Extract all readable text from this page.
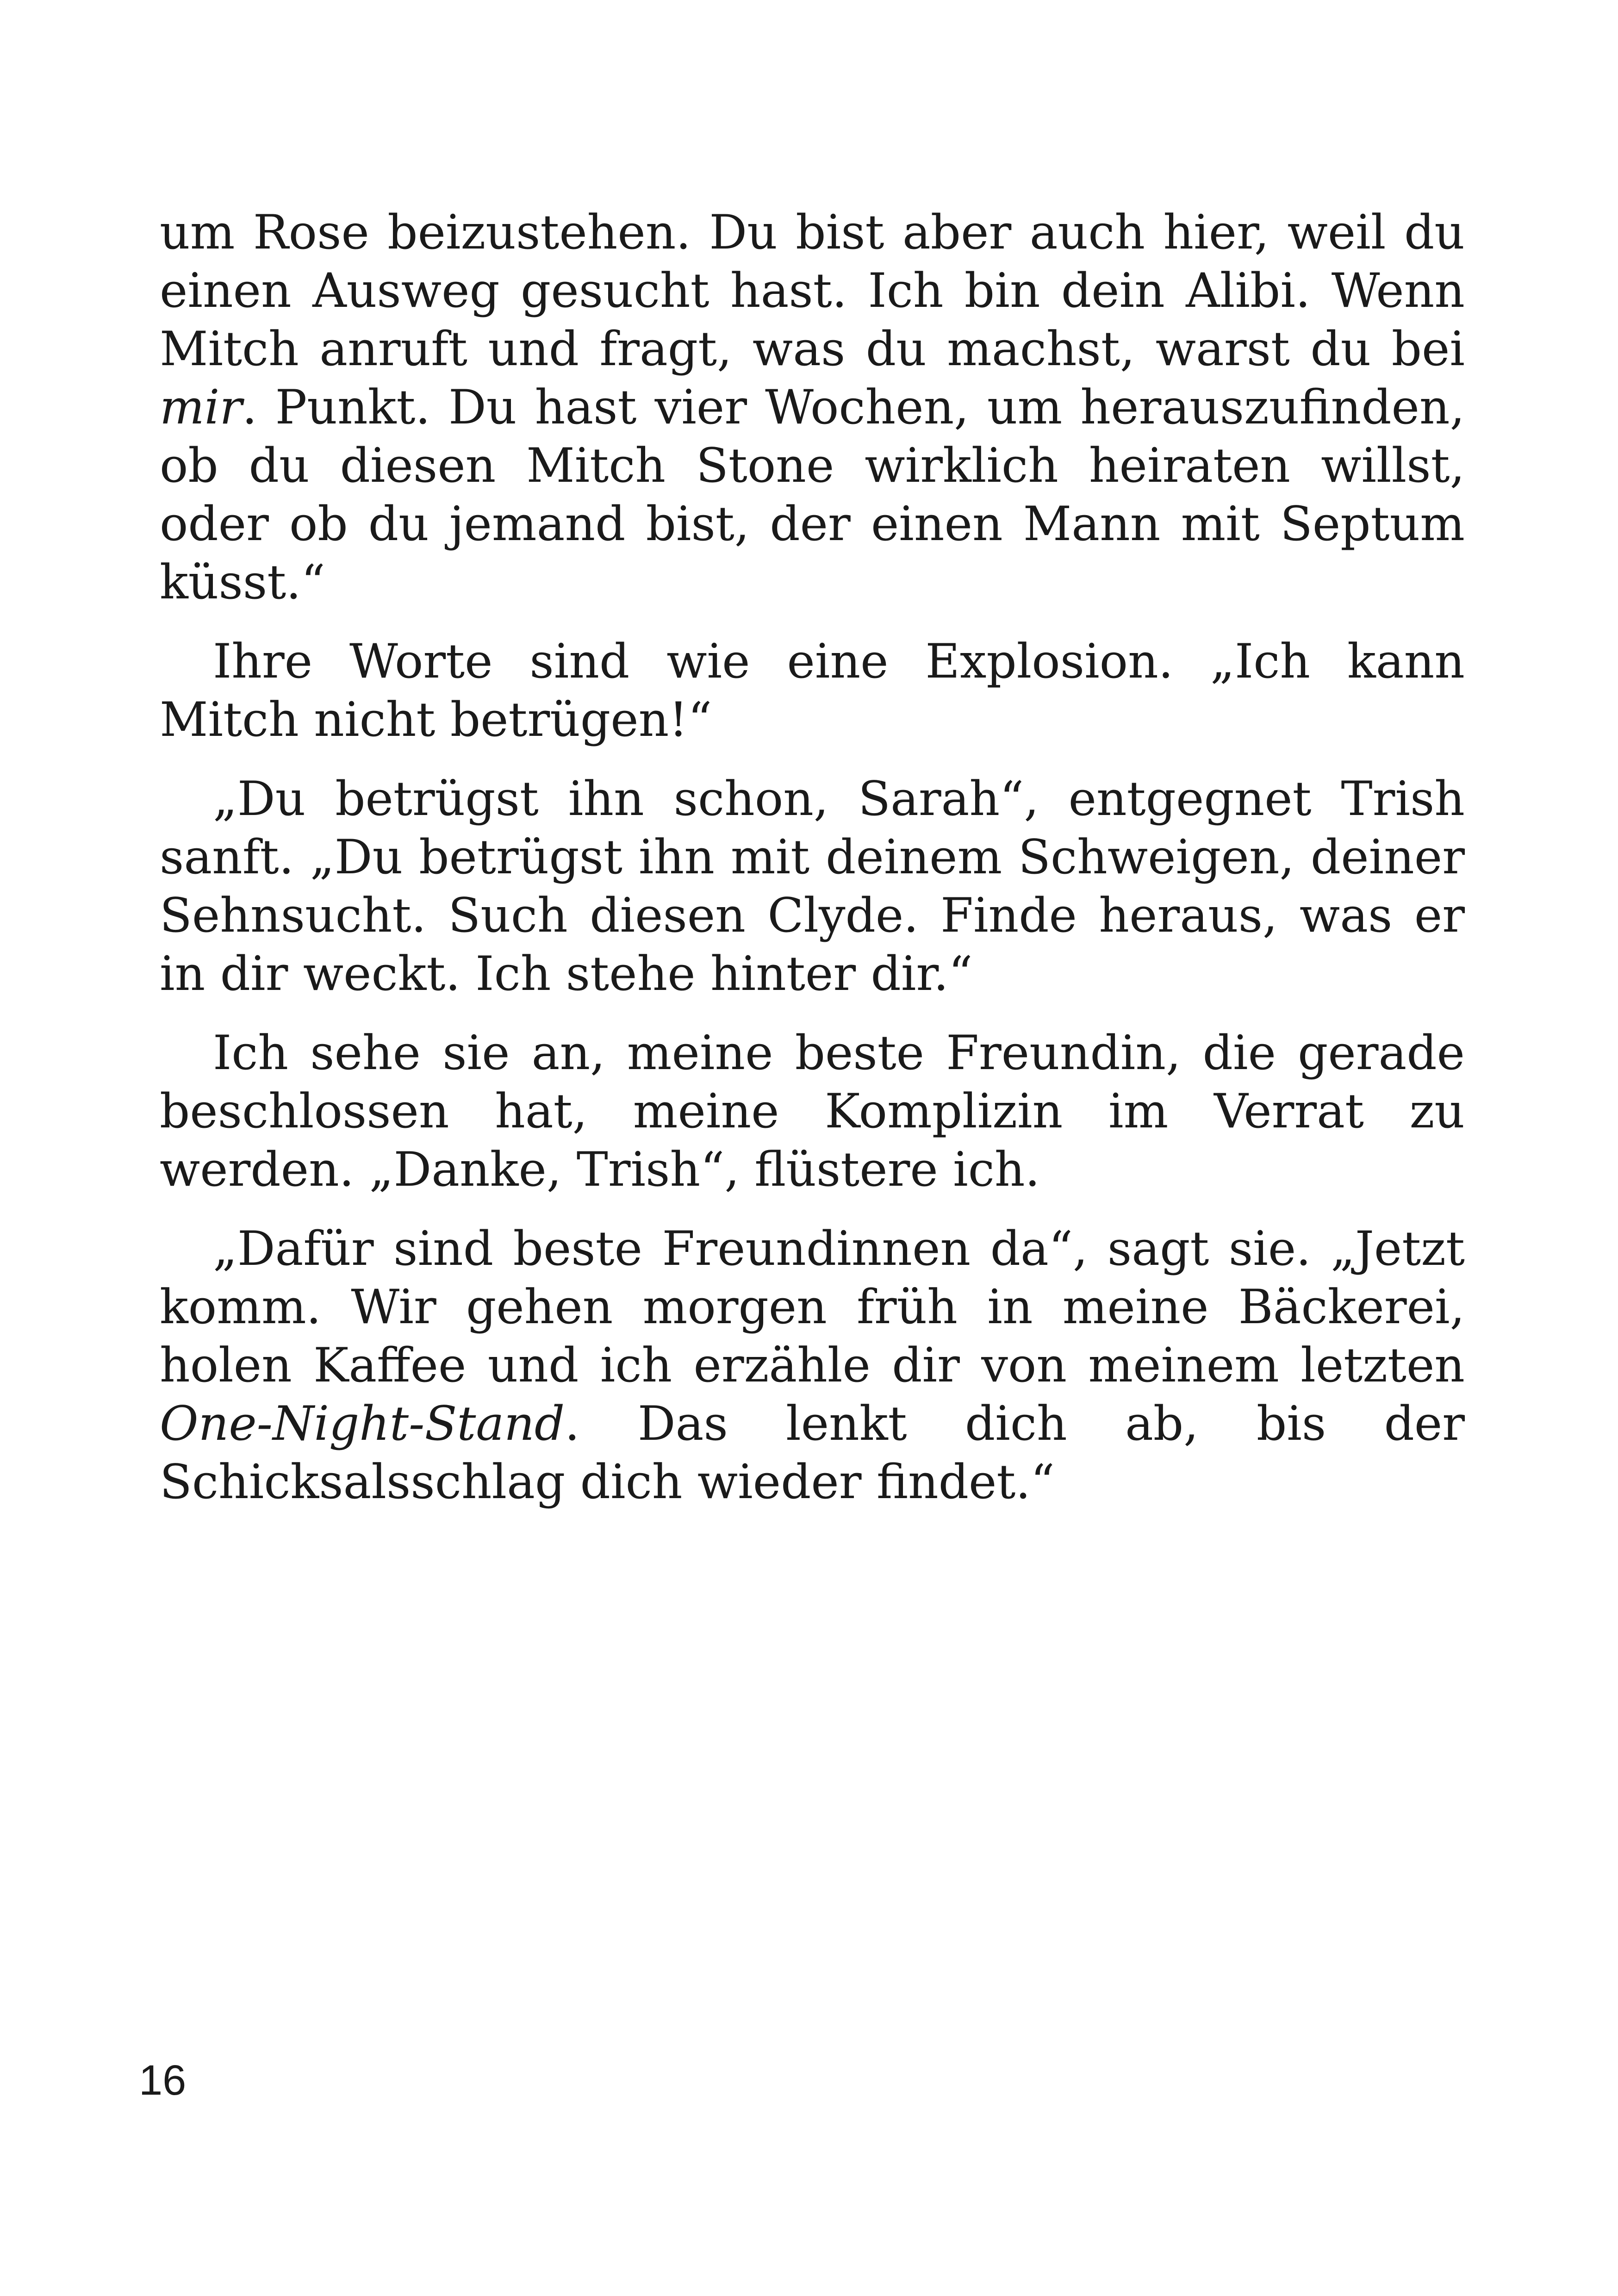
um Rose beizustehen. Du bist aber auch hier, weil du einen Ausweg gesucht hast. Ich bin dein Alibi. Wenn Mitch anruft und fragt, was du machst, warst du bei mir. Punkt. Du hast vier Wochen, um herauszufinden, ob du diesen Mitch Stone wirklich heiraten willst, oder ob du jemand bist, der einen Mann mit Septum küsst.“

Ihre Worte sind wie eine Explosion. „Ich kann Mitch nicht betrügen!“

„Du betrügst ihn schon, Sarah“, entgegnet Trish sanft. „Du betrügst ihn mit deinem Schweigen, deiner Sehnsucht. Such diesen Clyde. Finde heraus, was er in dir weckt. Ich stehe hinter dir.“

Ich sehe sie an, meine beste Freundin, die gerade beschlossen hat, meine Komplizin im Verrat zu werden. „Danke, Trish“, flüstere ich.

„Dafür sind beste Freundinnen da“, sagt sie. „Jetzt komm. Wir gehen morgen früh in meine Bäckerei, holen Kaffee und ich erzähle dir von meinem letzten One-Night-Stand. Das lenkt dich ab, bis der Schicksalsschlag dich wieder findet.“

16
